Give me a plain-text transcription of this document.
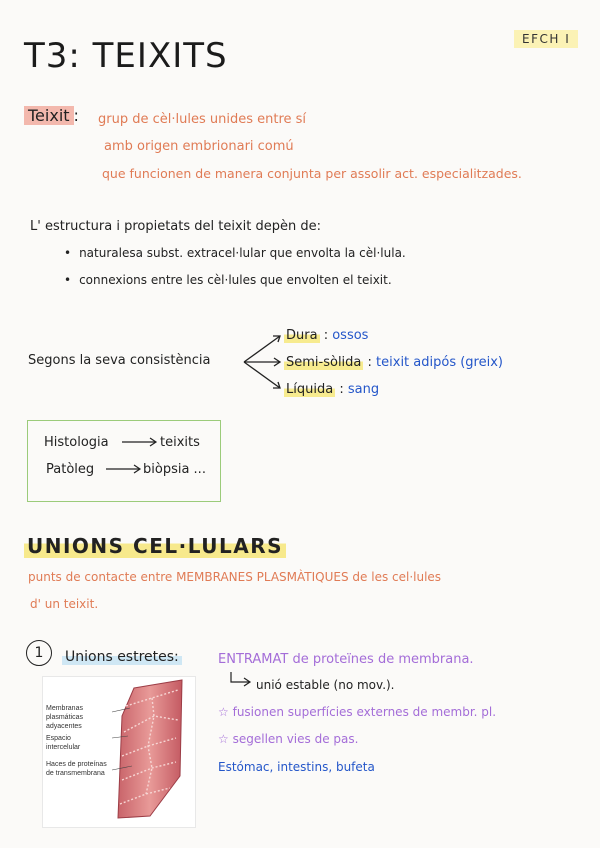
T3: TEIXITS	EFCH I
Teixit : grup de cèl·lules unides entre sí
amb origen embrionari comú
que funcionen de manera conjunta per assolir act. especialitzades.
L' estructura i propietats del teixit depèn de:
• naturalesa subst. extracel·lular que envolta la cèl·lula.
• connexions entre les cèl·lules que envolten el teixit.
Segons la seva consistència
Dura : ossos
Semi-sòlida : teixit adipós (greix)
Líquida : sang
Histologia	teixits
Patòleg	biòpsia ...
UNIONS CEL·LULARS
punts de contacte entre MEMBRANES PLASMÀTIQUES de les cel·lules
d' un teixit.
1	Unions estretes:	ENTRAMAT de proteïnes de membrana.
unió estable (no mov.).
☆ fusionen superfícies externes de membr. pl.
☆ segellen vies de pas.
Estómac, intestins, bufeta
Membranas plasmáticas adyacentes
Espacio intercelular
Haces de proteínas de transmembrana
